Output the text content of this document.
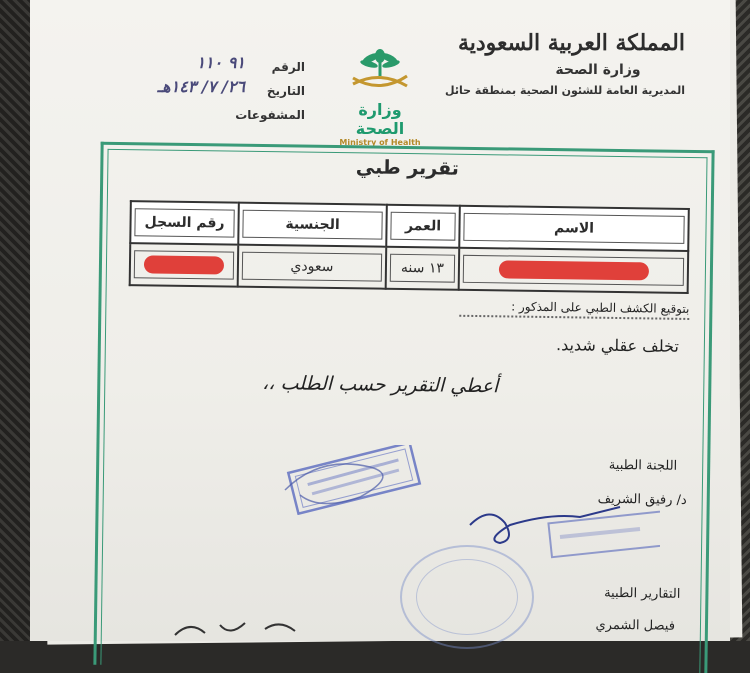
المملكة العربية السعودية
وزارة الصحة
المديرية العامة للشئون الصحية بمنطقة حائل
وزارة الصحة
Ministry of Health
الرقم
٩١ ١١٠
التاريخ
٢٦/ ٧/ ١٤٣هـ
المشفوعات
تقرير طبي
الاسم	العمر	الجنسية	رقم السجل

	١٣ سنه	سعودي	

بتوقيع الكشف الطبي على المذكور :
تخلف عقلي شديد.
أعطي التقرير حسب الطلب ،،
اللجنة الطبية
د/ رفيق الشريف
التقارير الطبية
فيصل الشمري
